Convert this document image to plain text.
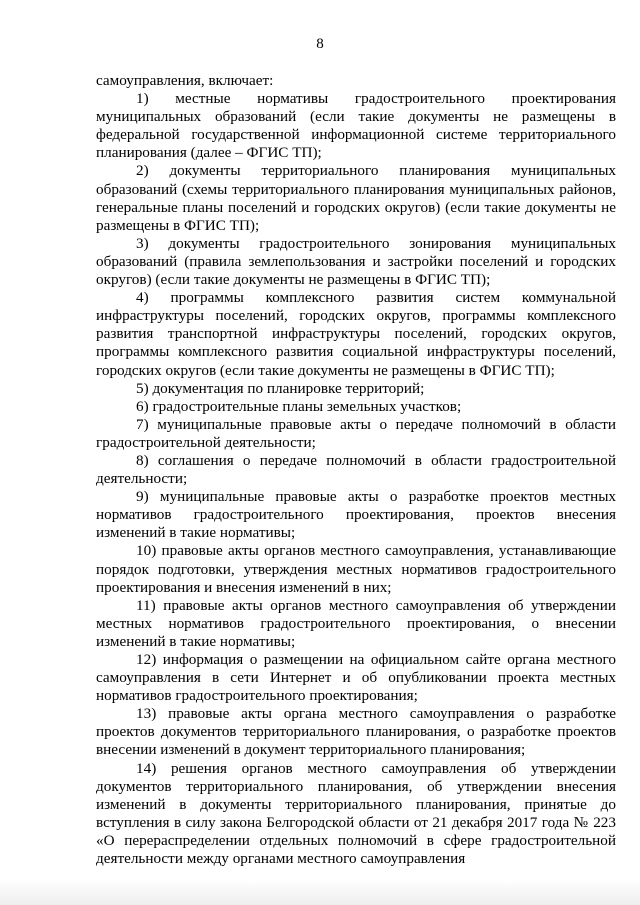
8

самоуправления, включает:

1) местные нормативы градостроительного проектирования муниципальных образований (если такие документы не размещены в федеральной государственной информационной системе территориального планирования (далее – ФГИС ТП);

2) документы территориального планирования муниципальных образований (схемы территориального планирования муниципальных районов, генеральные планы поселений и городских округов) (если такие документы не размещены в ФГИС ТП);

3) документы градостроительного зонирования муниципальных образований (правила землепользования и застройки поселений и городских округов) (если такие документы не размещены в ФГИС ТП);

4) программы комплексного развития систем коммунальной инфраструктуры поселений, городских округов, программы комплексного развития транспортной инфраструктуры поселений, городских округов, программы комплексного развития социальной инфраструктуры поселений, городских округов (если такие документы не размещены в ФГИС ТП);

5) документация по планировке территорий;

6) градостроительные планы земельных участков;

7) муниципальные правовые акты о передаче полномочий в области градостроительной деятельности;

8) соглашения о передаче полномочий в области градостроительной деятельности;

9) муниципальные правовые акты о разработке проектов местных нормативов градостроительного проектирования, проектов внесения изменений в такие нормативы;

10) правовые акты органов местного самоуправления, устанавливающие порядок подготовки, утверждения местных нормативов градостроительного проектирования и внесения изменений в них;

11) правовые акты органов местного самоуправления об утверждении местных нормативов градостроительного проектирования, о внесении изменений в такие нормативы;

12) информация о размещении на официальном сайте органа местного самоуправления в сети Интернет и об опубликовании проекта местных нормативов градостроительного проектирования;

13) правовые акты органа местного самоуправления о разработке проектов документов территориального планирования, о разработке проектов внесении изменений в документ территориального планирования;

14) решения органов местного самоуправления об утверждении документов территориального планирования, об утверждении внесения изменений в документы территориального планирования, принятые до вступления в силу закона Белгородской области от 21 декабря 2017 года № 223 «О перераспределении отдельных полномочий в сфере градостроительной деятельности между органами местного самоуправления
